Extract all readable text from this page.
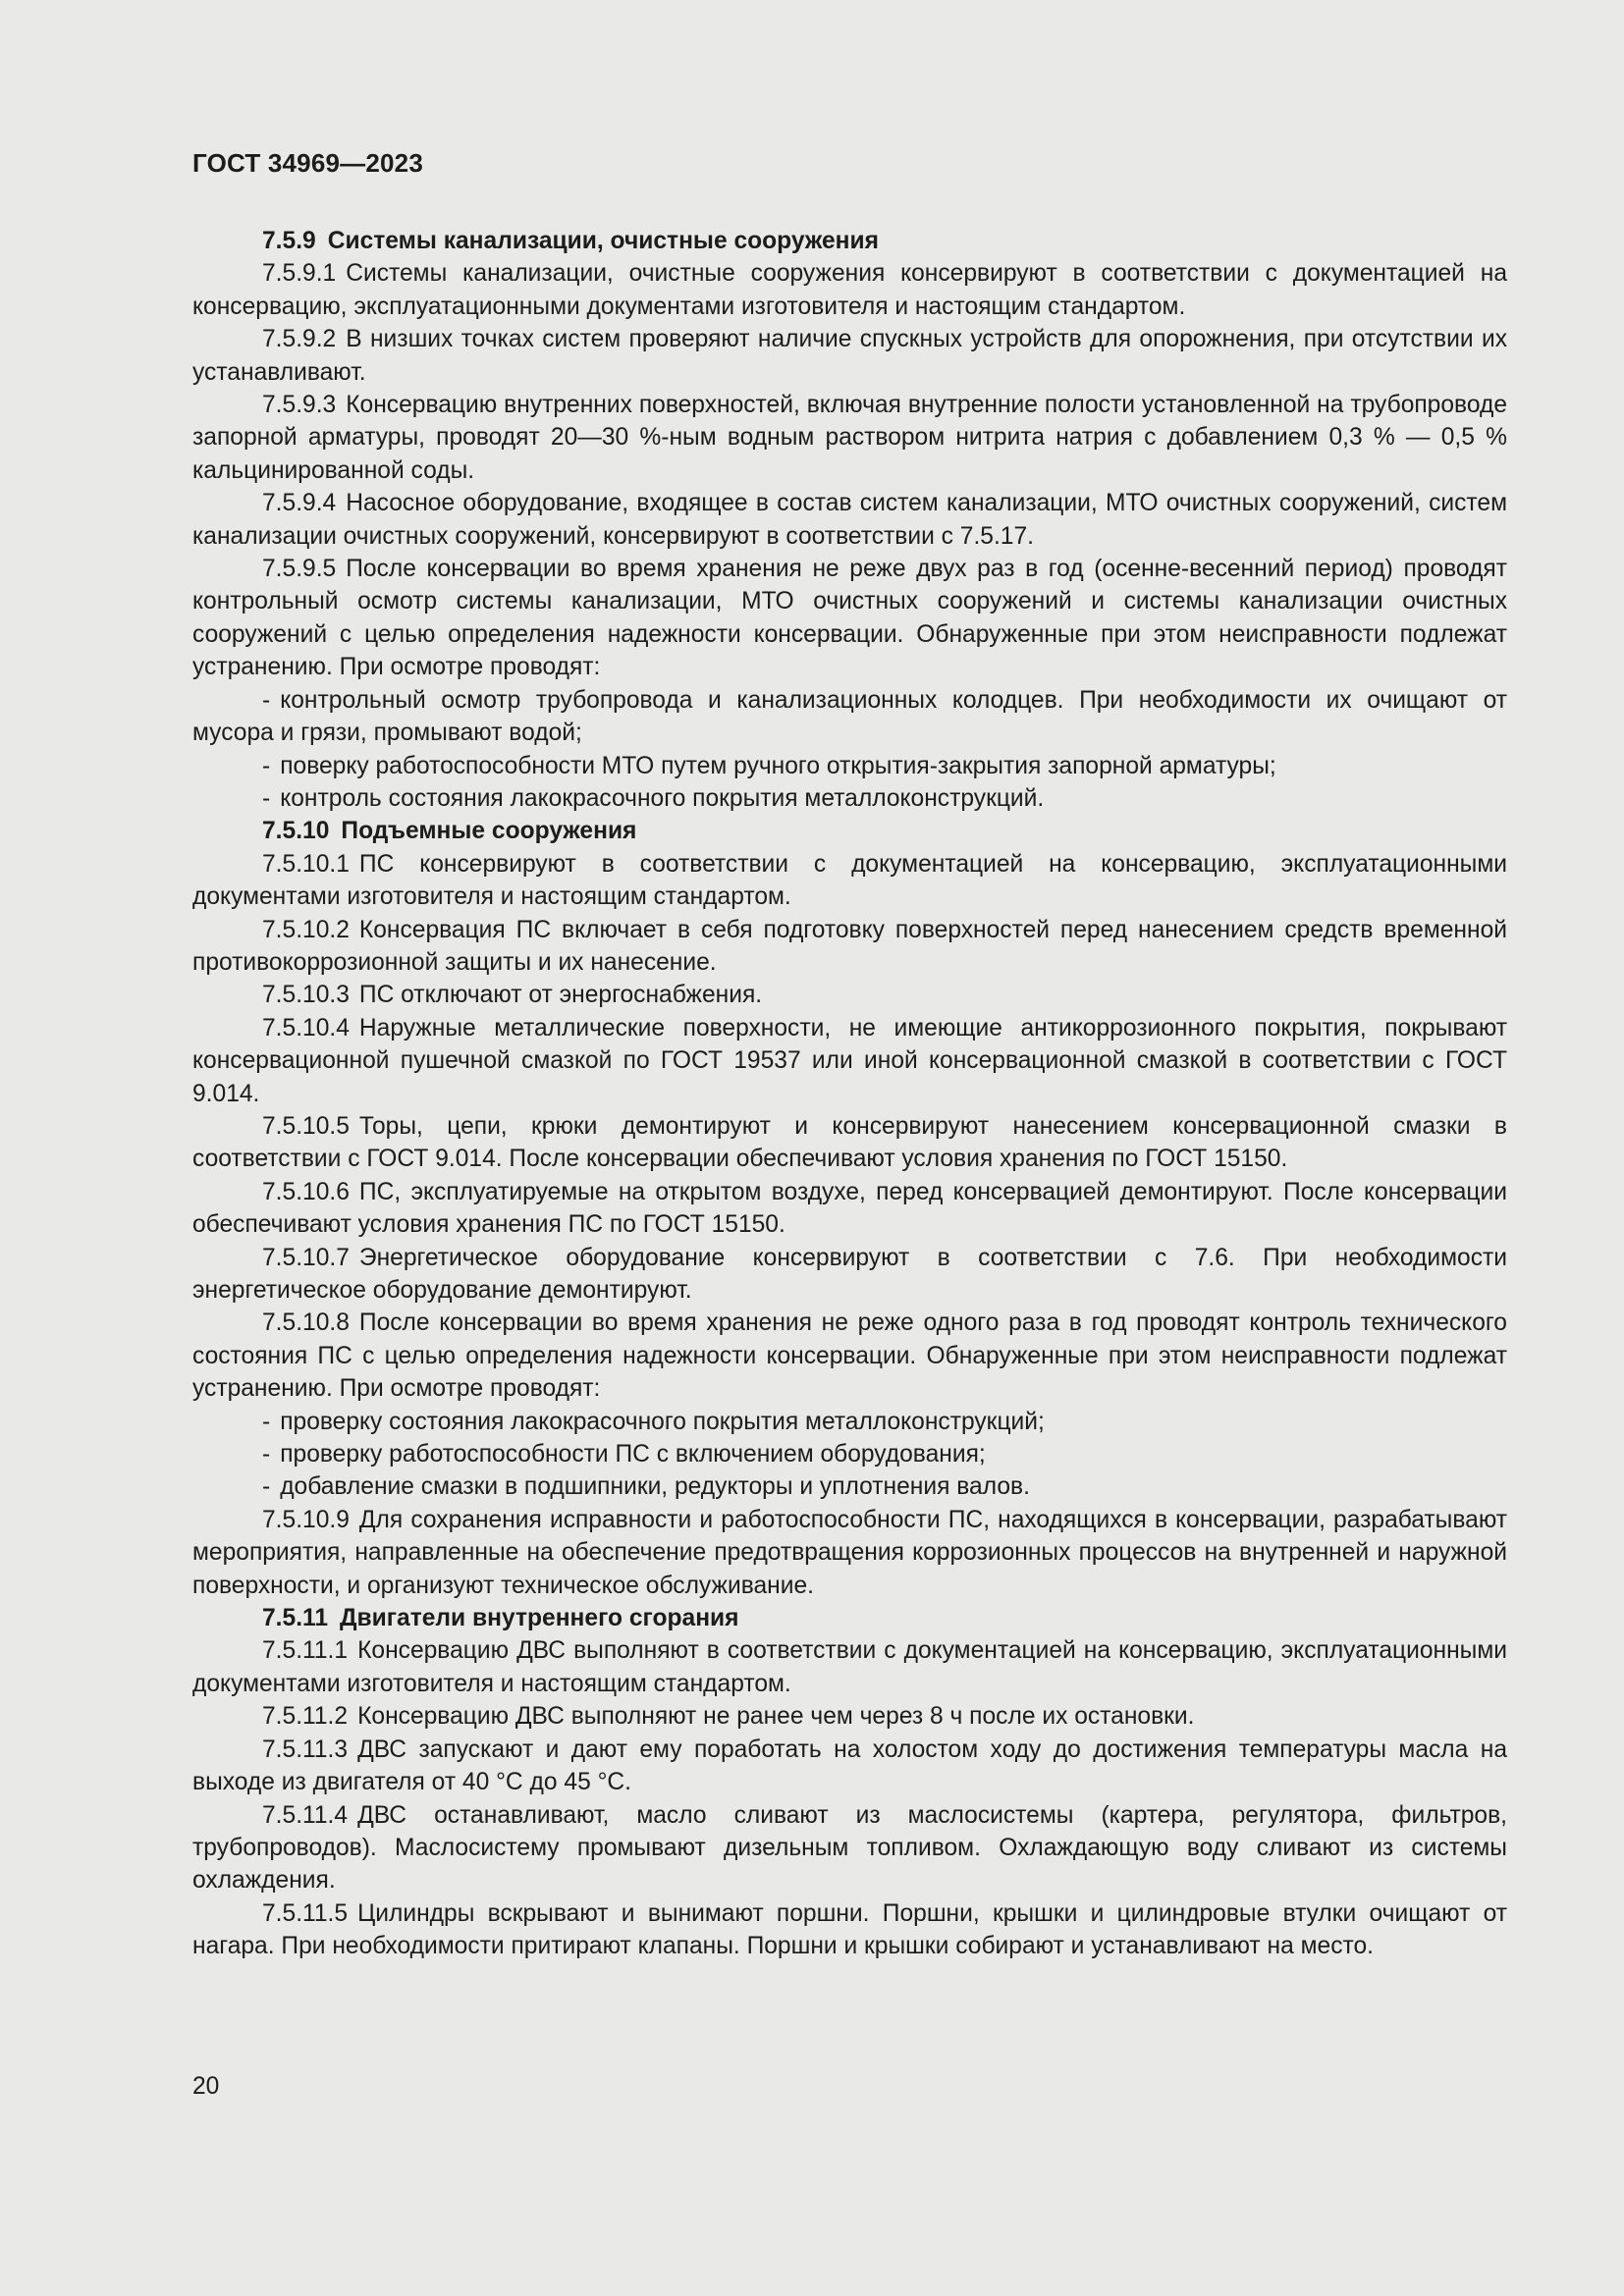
ГОСТ 34969—2023

7.5.9 Системы канализации, очистные сооружения

7.5.9.1 Системы канализации, очистные сооружения консервируют в соответствии с документацией на консервацию, эксплуатационными документами изготовителя и настоящим стандартом.

7.5.9.2 В низших точках систем проверяют наличие спускных устройств для опорожнения, при отсутствии их устанавливают.

7.5.9.3 Консервацию внутренних поверхностей, включая внутренние полости установленной на трубопроводе запорной арматуры, проводят 20—30 %-ным водным раствором нитрита натрия с добавлением 0,3 % — 0,5 % кальцинированной соды.

7.5.9.4 Насосное оборудование, входящее в состав систем канализации, МТО очистных сооружений, систем канализации очистных сооружений, консервируют в соответствии с 7.5.17.

7.5.9.5 После консервации во время хранения не реже двух раз в год (осенне-весенний период) проводят контрольный осмотр системы канализации, МТО очистных сооружений и системы канализации очистных сооружений с целью определения надежности консервации. Обнаруженные при этом неисправности подлежат устранению. При осмотре проводят:

- контрольный осмотр трубопровода и канализационных колодцев. При необходимости их очищают от мусора и грязи, промывают водой;

- поверку работоспособности МТО путем ручного открытия-закрытия запорной арматуры;

- контроль состояния лакокрасочного покрытия металлоконструкций.

7.5.10 Подъемные сооружения

7.5.10.1 ПС консервируют в соответствии с документацией на консервацию, эксплуатационными документами изготовителя и настоящим стандартом.

7.5.10.2 Консервация ПС включает в себя подготовку поверхностей перед нанесением средств временной противокоррозионной защиты и их нанесение.

7.5.10.3 ПС отключают от энергоснабжения.

7.5.10.4 Наружные металлические поверхности, не имеющие антикоррозионного покрытия, покрывают консервационной пушечной смазкой по ГОСТ 19537 или иной консервационной смазкой в соответствии с ГОСТ 9.014.

7.5.10.5 Торы, цепи, крюки демонтируют и консервируют нанесением консервационной смазки в соответствии с ГОСТ 9.014. После консервации обеспечивают условия хранения по ГОСТ 15150.

7.5.10.6 ПС, эксплуатируемые на открытом воздухе, перед консервацией демонтируют. После консервации обеспечивают условия хранения ПС по ГОСТ 15150.

7.5.10.7 Энергетическое оборудование консервируют в соответствии с 7.6. При необходимости энергетическое оборудование демонтируют.

7.5.10.8 После консервации во время хранения не реже одного раза в год проводят контроль технического состояния ПС с целью определения надежности консервации. Обнаруженные при этом неисправности подлежат устранению. При осмотре проводят:

- проверку состояния лакокрасочного покрытия металлоконструкций;

- проверку работоспособности ПС с включением оборудования;

- добавление смазки в подшипники, редукторы и уплотнения валов.

7.5.10.9 Для сохранения исправности и работоспособности ПС, находящихся в консервации, разрабатывают мероприятия, направленные на обеспечение предотвращения коррозионных процессов на внутренней и наружной поверхности, и организуют техническое обслуживание.

7.5.11 Двигатели внутреннего сгорания

7.5.11.1 Консервацию ДВС выполняют в соответствии с документацией на консервацию, эксплуатационными документами изготовителя и настоящим стандартом.

7.5.11.2 Консервацию ДВС выполняют не ранее чем через 8 ч после их остановки.

7.5.11.3 ДВС запускают и дают ему поработать на холостом ходу до достижения температуры масла на выходе из двигателя от 40 °С до 45 °С.

7.5.11.4 ДВС останавливают, масло сливают из маслосистемы (картера, регулятора, фильтров, трубопроводов). Маслосистему промывают дизельным топливом. Охлаждающую воду сливают из системы охлаждения.

7.5.11.5 Цилиндры вскрывают и вынимают поршни. Поршни, крышки и цилиндровые втулки очищают от нагара. При необходимости притирают клапаны. Поршни и крышки собирают и устанавливают на место.

20
